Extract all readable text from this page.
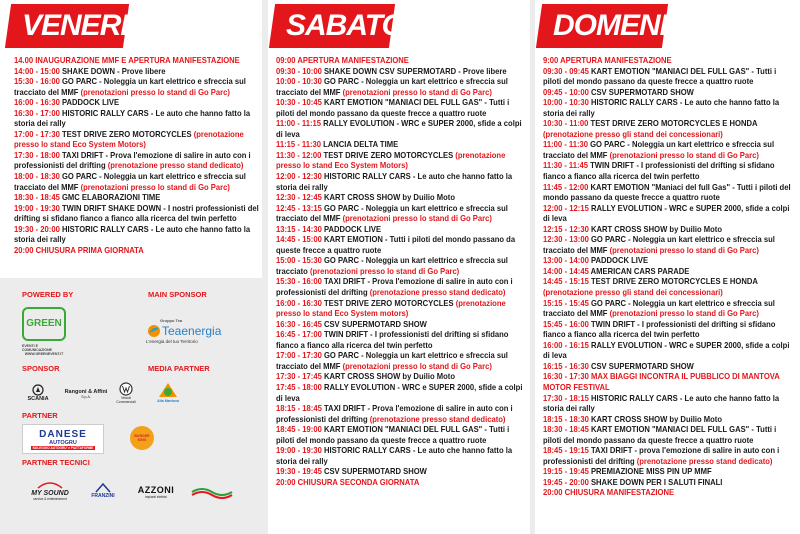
VENERDÌ

14.00 INAUGURAZIONE MMF E APERTURA MANIFESTAZIONE

14:00 - 15:00 SHAKE DOWN - Prove libere

15:30 - 16:00 GO PARC - Noleggia un kart elettrico e sfreccia sul tracciato del MMF (prenotazioni presso lo stand di Go Parc)

16:00 - 16:30 PADDOCK LIVE

16:30 - 17:00 HISTORIC RALLY CARS - Le auto che hanno fatto la storia dei rally

17:00 - 17:30 TEST DRIVE ZERO MOTORCYCLES (prenotazione presso lo stand Eco System Motors)

17:30 - 18:00 TAXI DRIFT - Prova l'emozione di salire in auto con i professionisti del drifting (prenotazione presso stand dedicato)

18:00 - 18:30 GO PARC - Noleggia un kart elettrico e sfreccia sul tracciato del MMF (prenotazioni presso lo stand di Go Parc)

18:30 - 18:45 GMC ELABORAZIONI TIME

19:00 - 19:30 TWIN DRIFT SHAKE DOWN - I nostri professionisti del drifting si sfidano fianco a fianco alla ricerca del twin perfetto

19:30 - 20:00 HISTORIC RALLY CARS - Le auto che hanno fatto la storia dei rally

20:00 CHIUSURA PRIMA GIORNATA

POWERED BY	MAIN SPONSOR
GREEN
EVENTI E COMUNICAZIONE
WWW.GREENEVENT.IT
Gruppo Tea
Teaenergia
L'energia del tuo Territorio
SPONSOR	MEDIA PARTNER
SCANIA
Rangoni & Affini
S.p.A.	Veicoli Commerciali	Alta Mantova
PARTNER
DANESE
AUTOGRU
NOLEGGIO AUTOGRU' e PIATTAFORME
BURGER KING
PARTNER TECNICI
MY SOUND
service & entertainment	FRANZINI
AZZONI
impianti elettrici
SABATO

09:00 APERTURA MANIFESTAZIONE

09:30 - 10:00 SHAKE DOWN CSV SUPERMOTARD - Prove libere

10:00 - 10:30 GO PARC - Noleggia un kart elettrico e sfreccia sul tracciato del MMF (prenotazioni presso lo stand di Go Parc)

10:30 - 10:45 KART EMOTION "MANIACI DEL FULL GAS" - Tutti i piloti del mondo passano da queste frecce a quattro ruote

11:00 - 11:15 RALLY EVOLUTION - WRC e SUPER 2000, sfide a colpi di leva

11:15 - 11:30 LANCIA DELTA TIME

11:30 - 12:00 TEST DRIVE ZERO MOTORCYCLES (prenotazione presso lo stand Eco System Motors)

12:00 - 12:30 HISTORIC RALLY CARS - Le auto che hanno fatto la storia dei rally

12:30 - 12:45 KART CROSS SHOW by Duilio Moto

12:45 - 13:15 GO PARC - Noleggia un kart elettrico e sfreccia sul tracciato del MMF (prenotazioni presso lo stand di Go Parc)

13:15 - 14:30 PADDOCK LIVE

14:45 - 15:00 KART EMOTION - Tutti i piloti del mondo passano da queste frecce a quattro ruote

15:00 - 15:30 GO PARC - Noleggia un kart elettrico e sfreccia sul tracciato (prenotazioni presso lo stand di Go Parc)

15:30 - 16:00 TAXI DRIFT - Prova l'emozione di salire in auto con i professionisti del drifting (prenotazione presso stand dedicato)

16:00 - 16:30 TEST DRIVE ZERO MOTORCYCLES (prenotazione presso lo stand Eco System motors)

16:30 - 16:45 CSV SUPERMOTARD SHOW

16:45 - 17:00 TWIN DRIFT - I professionisti del drifting si sfidano fianco a fianco alla ricerca del twin perfetto

17:00 - 17:30 GO PARC - Noleggia un kart elettrico e sfreccia sul tracciato del MMF (prenotazioni presso lo stand di Go Parc)

17:30 - 17:45 KART CROSS SHOW by Duilio Moto

17:45 - 18:00 RALLY EVOLUTION - WRC e SUPER 2000, sfide a colpi di leva

18:15 - 18:45 TAXI DRIFT - Prova l'emozione di salire in auto con i professionisti del drifting (prenotazione presso stand dedicato)

18:45 - 19:00 KART EMOTION "MANIACI DEL FULL GAS" - Tutti i piloti del mondo passano da queste frecce a quattro ruote

19:00 - 19:30 HISTORIC RALLY CARS - Le auto che hanno fatto la storia dei rally

19:30 - 19:45 CSV SUPERMOTARD SHOW

20:00 CHIUSURA SECONDA GIORNATA

DOMENICA

9:00 APERTURA MANIFESTAZIONE

09:30 - 09:45 KART EMOTION "MANIACI DEL FULL GAS" - Tutti i piloti del mondo passano da queste frecce a quattro ruote

09:45 - 10:00 CSV SUPERMOTARD SHOW

10:00 - 10:30 HISTORIC RALLY CARS - Le auto che hanno fatto la storia dei rally

10:30 - 11:00 TEST DRIVE ZERO MOTORCYCLES E HONDA (prenotazione presso gli stand dei concessionari)

11:00 - 11:30 GO PARC - Noleggia un kart elettrico e sfreccia sul tracciato del MMF (prenotazioni presso lo stand di Go Parc)

11:30 - 11:45 TWIN DRIFT - I professionisti del drifting si sfidano fianco a fianco alla ricerca del twin perfetto

11:45 - 12:00 KART EMOTION "Maniaci del full Gas" - Tutti i piloti del mondo passano da queste frecce a quattro ruote

12:00 - 12:15 RALLY EVOLUTION - WRC e SUPER 2000, sfide a colpi di leva

12:15 - 12:30 KART CROSS SHOW by Duilio Moto

12:30 - 13:00 GO PARC - Noleggia un kart elettrico e sfreccia sul tracciato del MMF (prenotazioni presso lo stand di Go Parc)

13:00 - 14:00 PADDOCK LIVE

14:00 - 14:45 AMERICAN CARS PARADE

14:45 - 15:15 TEST DRIVE ZERO MOTORCYCLES E HONDA (prenotazione presso gli stand dei concessionari)

15:15 - 15:45 GO PARC - Noleggia un kart elettrico e sfreccia sul tracciato del MMF (prenotazioni presso lo stand di Go Parc)

15:45 - 16:00 TWIN DRIFT - I professionisti del drifting si sfidano fianco a fianco alla ricerca del twin perfetto

16:00 - 16:15 RALLY EVOLUTION - WRC e SUPER 2000, sfide a colpi di leva

16:15 - 16:30 CSV SUPERMOTARD SHOW

16:30 - 17:30 MAX BIAGGI INCONTRA IL PUBBLICO DI MANTOVA MOTOR FESTIVAL

17:30 - 18:15 HISTORIC RALLY CARS - Le auto che hanno fatto la storia dei rally

18:15 - 18:30 KART CROSS SHOW by Duilio Moto

18:30 - 18:45 KART EMOTION "MANIACI DEL FULL GAS" - Tutti i piloti del mondo passano da queste frecce a quattro ruote

18:45 - 19:15 TAXI DRIFT - prova l'emozione di salire in auto con i professionisti del drifting (prenotazione presso stand dedicato)

19:15 - 19:45 PREMIAZIONE MISS PIN UP MMF

19:45 - 20:00 SHAKE DOWN PER I SALUTI FINALI

20:00 CHIUSURA MANIFESTAZIONE
